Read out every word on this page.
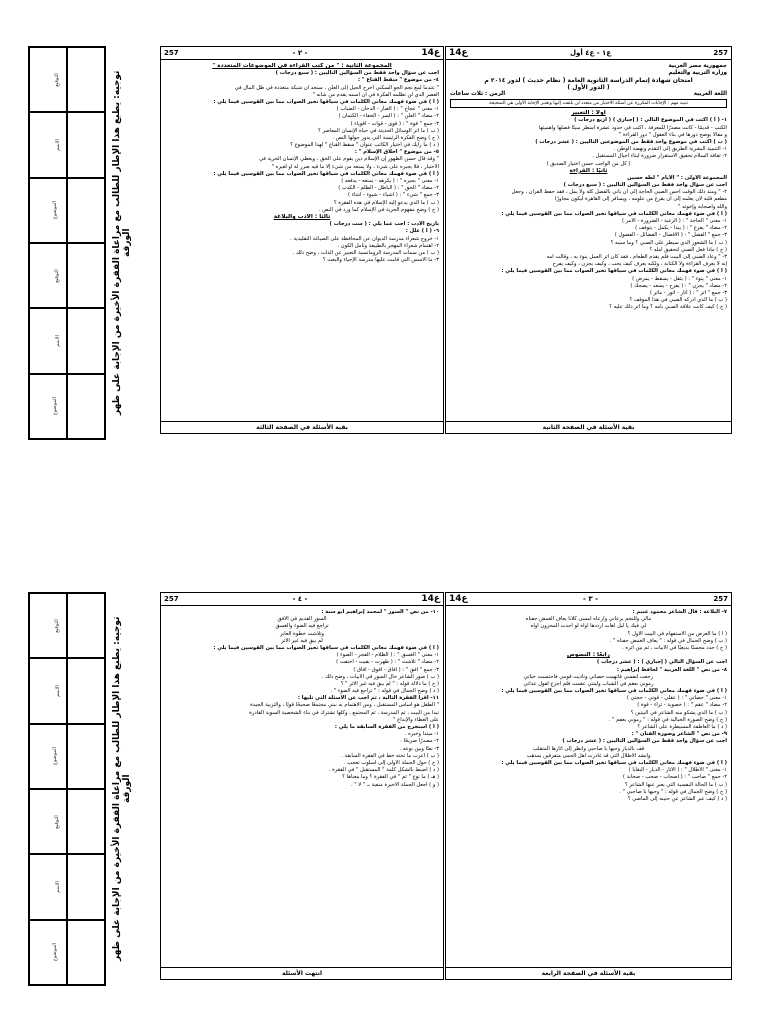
التوقيع
الاسم
الموضوع
التوقيع
الاسم
الموضوع	توجيه: يطبع هذا الإطار للطالب مع مراعاة الفقرة الأخيرة من الإجابة على ظهر الورقة
ع14
- ٢ -
257
المجموعة الثانية : " من كتب القراءة في الموضوعات المتعددة "
أجب عن سؤال واحد فقط من السؤالين التاليين : ( سبع درجات )
٤- من موضوع " سقط القناع " :
" عندما لمع نجم الجو السكني أخرج الجيل إلى العلن ، سنجد أن شبكة متعددة في ظل المال في
العصر الذي لن تظلمه الفكرة في أن اسمه يقدم من شأنه "
( أ ) في ضوء فهمك معاني الكلمات في سياقها تخير الصواب مما بين القوسين فيما يلي :
١- معنى " عجاج " : ( الغبار - الدخان - الضباب )
٢- مضاد " العلن " : ( السر - الخفاء - الكتمان )
٣- جمع " قوة " : ( قوى - قوات - أقوياء )
( ب ) ما أثر الوسائل الحديثة في حياة الإنسان المعاصر ؟
( ج ) وضح الفكرة الرئيسة التي يدور حولها النص .
( د ) ما رأيك في اختيار الكاتب عنوان " سقط القناع " لهذا الموضوع ؟
٥- من موضوع " أخلاق الإسلام " :
" وقد قال حسن الظهور إن الإسلام دين يقوم على الحق ، ويعطي الإنسان الحرية في
الاختيار ، فلا يجبره على شيء ، ولا يمنعه من شيء إلا ما فيه ضرر له أو لغيره "
( أ ) في ضوء فهمك معاني الكلمات في سياقها تخير الصواب مما بين القوسين فيما يلي :
١- معنى " يجبره " : ( يكرهه - يمنعه - يدفعه )
٢- مضاد " الحق " : ( الباطل - الظلم - الكذب )
٣- جمع " شيء " : ( أشياء - شيوء - أشاء )
( ب ) ما الذي يدعو إليه الإسلام في هذه الفقرة ؟
( ج ) وضح مفهوم الحرية في الإسلام كما ورد في النص .
ثالثًا : الأدب والبلاغة
تاريخ الأدب : أجب عما يلي : ( ست درجات )
٦- ( أ ) علل :
١- خروج شعراء مدرسة الديوان عن المحافظة على الصياغة التقليدية .
٢- اهتمام شعراء المهجر بالطبيعة وتأمل الكون .
( ب ) من سمات المدرسة الرومانسية التعبير عن الذات ، وضح ذلك .
٣- ما الأسس التي قامت عليها مدرسة الإحياء والبعث ؟
بقية الأسئلة في الصفحة الثالثة
257
ع١ - ع٤ أول
ع14
جمهورية مصر العربية
وزارة التربية والتعليم
امتحان شهادة إتمام الدراسة الثانوية العامة ( نظام حديث ) لدور ٢٠١٤ م
( الدور الأول )
اللغة العربية
الزمن : ثلاث ساعات
تنبيه مهم : الإجابات المكررة عن أسئلة الاختيار من متعدد لن يلتفت إليها وتعتبر الإجابة الأولى هي الصحيحة
أولًا : التعبير
١- ( أ ) اكتب في الموضوع التالي : ( إجباري ) ( أربع درجات )
الكتب - قديمًا - كانت مصدرًا للمعرفة ، اكتب في حدود عشرة أسطر مبينًا فضلها وأهميتها
و مقالًا يوضح دورها في بناء العقول " دور القراءة "
( ب ) اكتب في موضوع واحد فقط من الموضوعين التاليين : ( عشر درجات )
١- التنمية البشرية الطريق إلى التقدم ونهضة الوطن .
٢- ثقافة السلام تحقيق الاستقرار ضرورة لبناء أجيال المستقبل .
( كل من الواجب حسن اختيار الصديق )
ثانيًا : القراءة
المجموعة الأولى : " الأيام " لطه حسين
أجب عن سؤال واحد فقط من السؤالين التاليين : ( سبع درجات )
٢- " ومنذ ذلك الوقت أحس الصبي الحاجة إلى أن يأتي بالفضل كله ولا يمل ، فقد حفظ القرآن ، وجعل
مطعم قلبه لأن يعلمه إلى أن يفرغ من علومه ، ويسافر إلى القاهرة ليكون مجاورًا
والله وأصحابه وإخوته "
( أ ) في ضوء فهمك معاني الكلمات في سياقها تخير الصواب مما بين القوسين فيما يلي :
١- معنى " الحاجة " : ( الرغبة - الضرورة - الأمر )
٢- مضاد " يفرغ " : ( يبدأ - يكمل - يتوقف )
٣- جمع " الفضل " : ( الأفضال - الفضائل - الفضول )
( ب ) ما الشعور الذي سيطر على الصبي ؟ وما سببه ؟
( ج ) ماذا فعل الصبي لتحقيق أمله ؟
٣- " وعاد الصبي إلى البيت فلم يقدم الطعام ، فقد كان أثر العمل ينوء به ، وقالت أمه
إنه لا يعرف القراءة ولا الكتابة ، ولكنه يعرف كيف يحب ، وكيف يحزن ، وكيف يفرح
( أ ) في ضوء فهمك معاني الكلمات في سياقها تخير الصواب مما بين القوسين فيما يلي :
١- معنى " ينوء " : ( يثقل - يسقط - يمرض )
٢- مضاد " يحزن " : ( يفرح - يسعد - يضحك )
٣- جمع " أثر " : ( آثار - أثور - مآثر )
( ب ) ما الذي أدركه الصبي في هذا الموقف ؟
( ج ) كيف كانت علاقة الصبي بأمه ؟ وما أثر ذلك عليه ؟
بقية الأسئلة في الصفحة الثانية
التوقيع
الاسم
الموضوع
التوقيع
الاسم
الموضوع	توجيه: يطبع هذا الإطار للطالب مع مراعاة الفقرة الأخيرة من الإجابة على ظهر الورقة
ع14
- ٤ -
257
١٠- من نص " السور " لمحمد إبراهيم أبو سنة :
السور القديم في الأفق
تراجع فيه الضوء والغسق
وتلاشت خطوة العابر
لم يبق فيه غير الأثر
( أ ) في ضوء فهمك معاني الكلمات في سياقها تخير الصواب مما بين القوسين فيما يلي :
١- معنى " الغسق " : ( الظلام - الفجر - الضوء )
٢- مضاد " تلاشت " : ( ظهرت - بقيت - اختفت )
٣- جمع " أفق " : ( آفاق - أفوق - أفاق )
( ب ) صور الشاعر حال السور في الأبيات ، وضح ذلك .
( ج ) ما دلالة قوله : " لم يبق فيه غير الأثر " ؟
( د ) وضح الجمال في قوله : " تراجع فيه الضوء " .
١١- اقرأ الفقرة التالية ، ثم أجب عن الأسئلة التي تليها :
" الطفل هو أساس المستقبل ، ومن الاهتمام به نبني مجتمعًا صحيحًا قويًا ، والتربية الجيدة
تبدأ من البيت ، ثم المدرسة ، ثم المجتمع ، وكلها تشترك في بناء الشخصية السوية القادرة
على العطاء والإبداع "
( أ ) استخرج من الفقرة السابقة ما يلي :
١- مبتدأ وخبره .
٢- مصدرًا صريحًا .
٣- نعتًا وبين نوعه .
( ب ) أعرب ما تحته خط في الفقرة السابقة .
( ج ) حول الجملة الأولى إلى أسلوب تعجب .
( د ) اضبط بالشكل كلمة " المستقبل " في الفقرة .
( هـ ) ما نوع " ثم " في الفقرة ؟ وما معناها ؟
( و ) اجعل الجملة الأخيرة منفية بـ " لا " .
انتهت الأسئلة
257
- ٣ -
ع14
٧- البلاغة : قال الشاعر محمود غنيم :
مالي وللنجم يرعاني وأرعاه أمسى كلانا يعاف الغمض جفناه
لي فيك يا ليل آهات أرددها أواه لو أجدت المحزون أواه
( أ ) ما الغرض من الاستفهام في البيت الأول ؟
( ب ) وضح الجمال في قوله : " يعاف الغمض جفناه " .
( ج ) حدد محسنًا بديعيًا في الأبيات ، ثم بين أثره .
رابعًا : النصوص
أجب عن السؤال التالي ( إجباري ) : ( عشر درجات )
٨- من نص " اللغة العربية " لحافظ إبراهيم :
رجعت لنفسي فاتهمت حصاتي وناديت قومي فاحتسبت حياتي
رموني بعقم في الشباب وليتني عقمت فلم أجزع لقول عداتي
( أ ) في ضوء فهمك معاني الكلمات في سياقها تخير الصواب مما بين القوسين فيما يلي :
١- معنى " حصاتي " : ( عقلي - قوتي - حجتي )
٢- مضاد " عقم " : ( خصوبة - ثراء - قوة )
( ب ) ما الذي يشكو منه الشاعر في البيتين ؟
( ج ) وضح الصورة الخيالية في قوله : " رموني بعقم " .
( د ) ما العاطفة المسيطرة على الشاعر ؟
٩- من نص " الشاعر وصورة الفنان " :
أجب عن سؤال واحد فقط من السؤالين التاليين : ( عشر درجات )
قف بالديار وحيها يا صاحبي وانظر إلى آثارها المتقلب
وانشد الأطلال التي قد غادرت أهل الحمى متفرقين بمذهب
( أ ) في ضوء فهمك معاني الكلمات في سياقها تخير الصواب مما بين القوسين فيما يلي :
١- معنى " الأطلال " : ( الآثار - الديار - البقايا )
٢- جمع " صاحب " : ( أصحاب - صحب - صحابة )
( ب ) ما الحالة النفسية التي يعبر عنها الشاعر ؟
( ج ) وضح الجمال في قوله : " وحيها يا صاحبي " .
( د ) كيف عبر الشاعر عن حنينه إلى الماضي ؟
بقية الأسئلة في الصفحة الرابعة
